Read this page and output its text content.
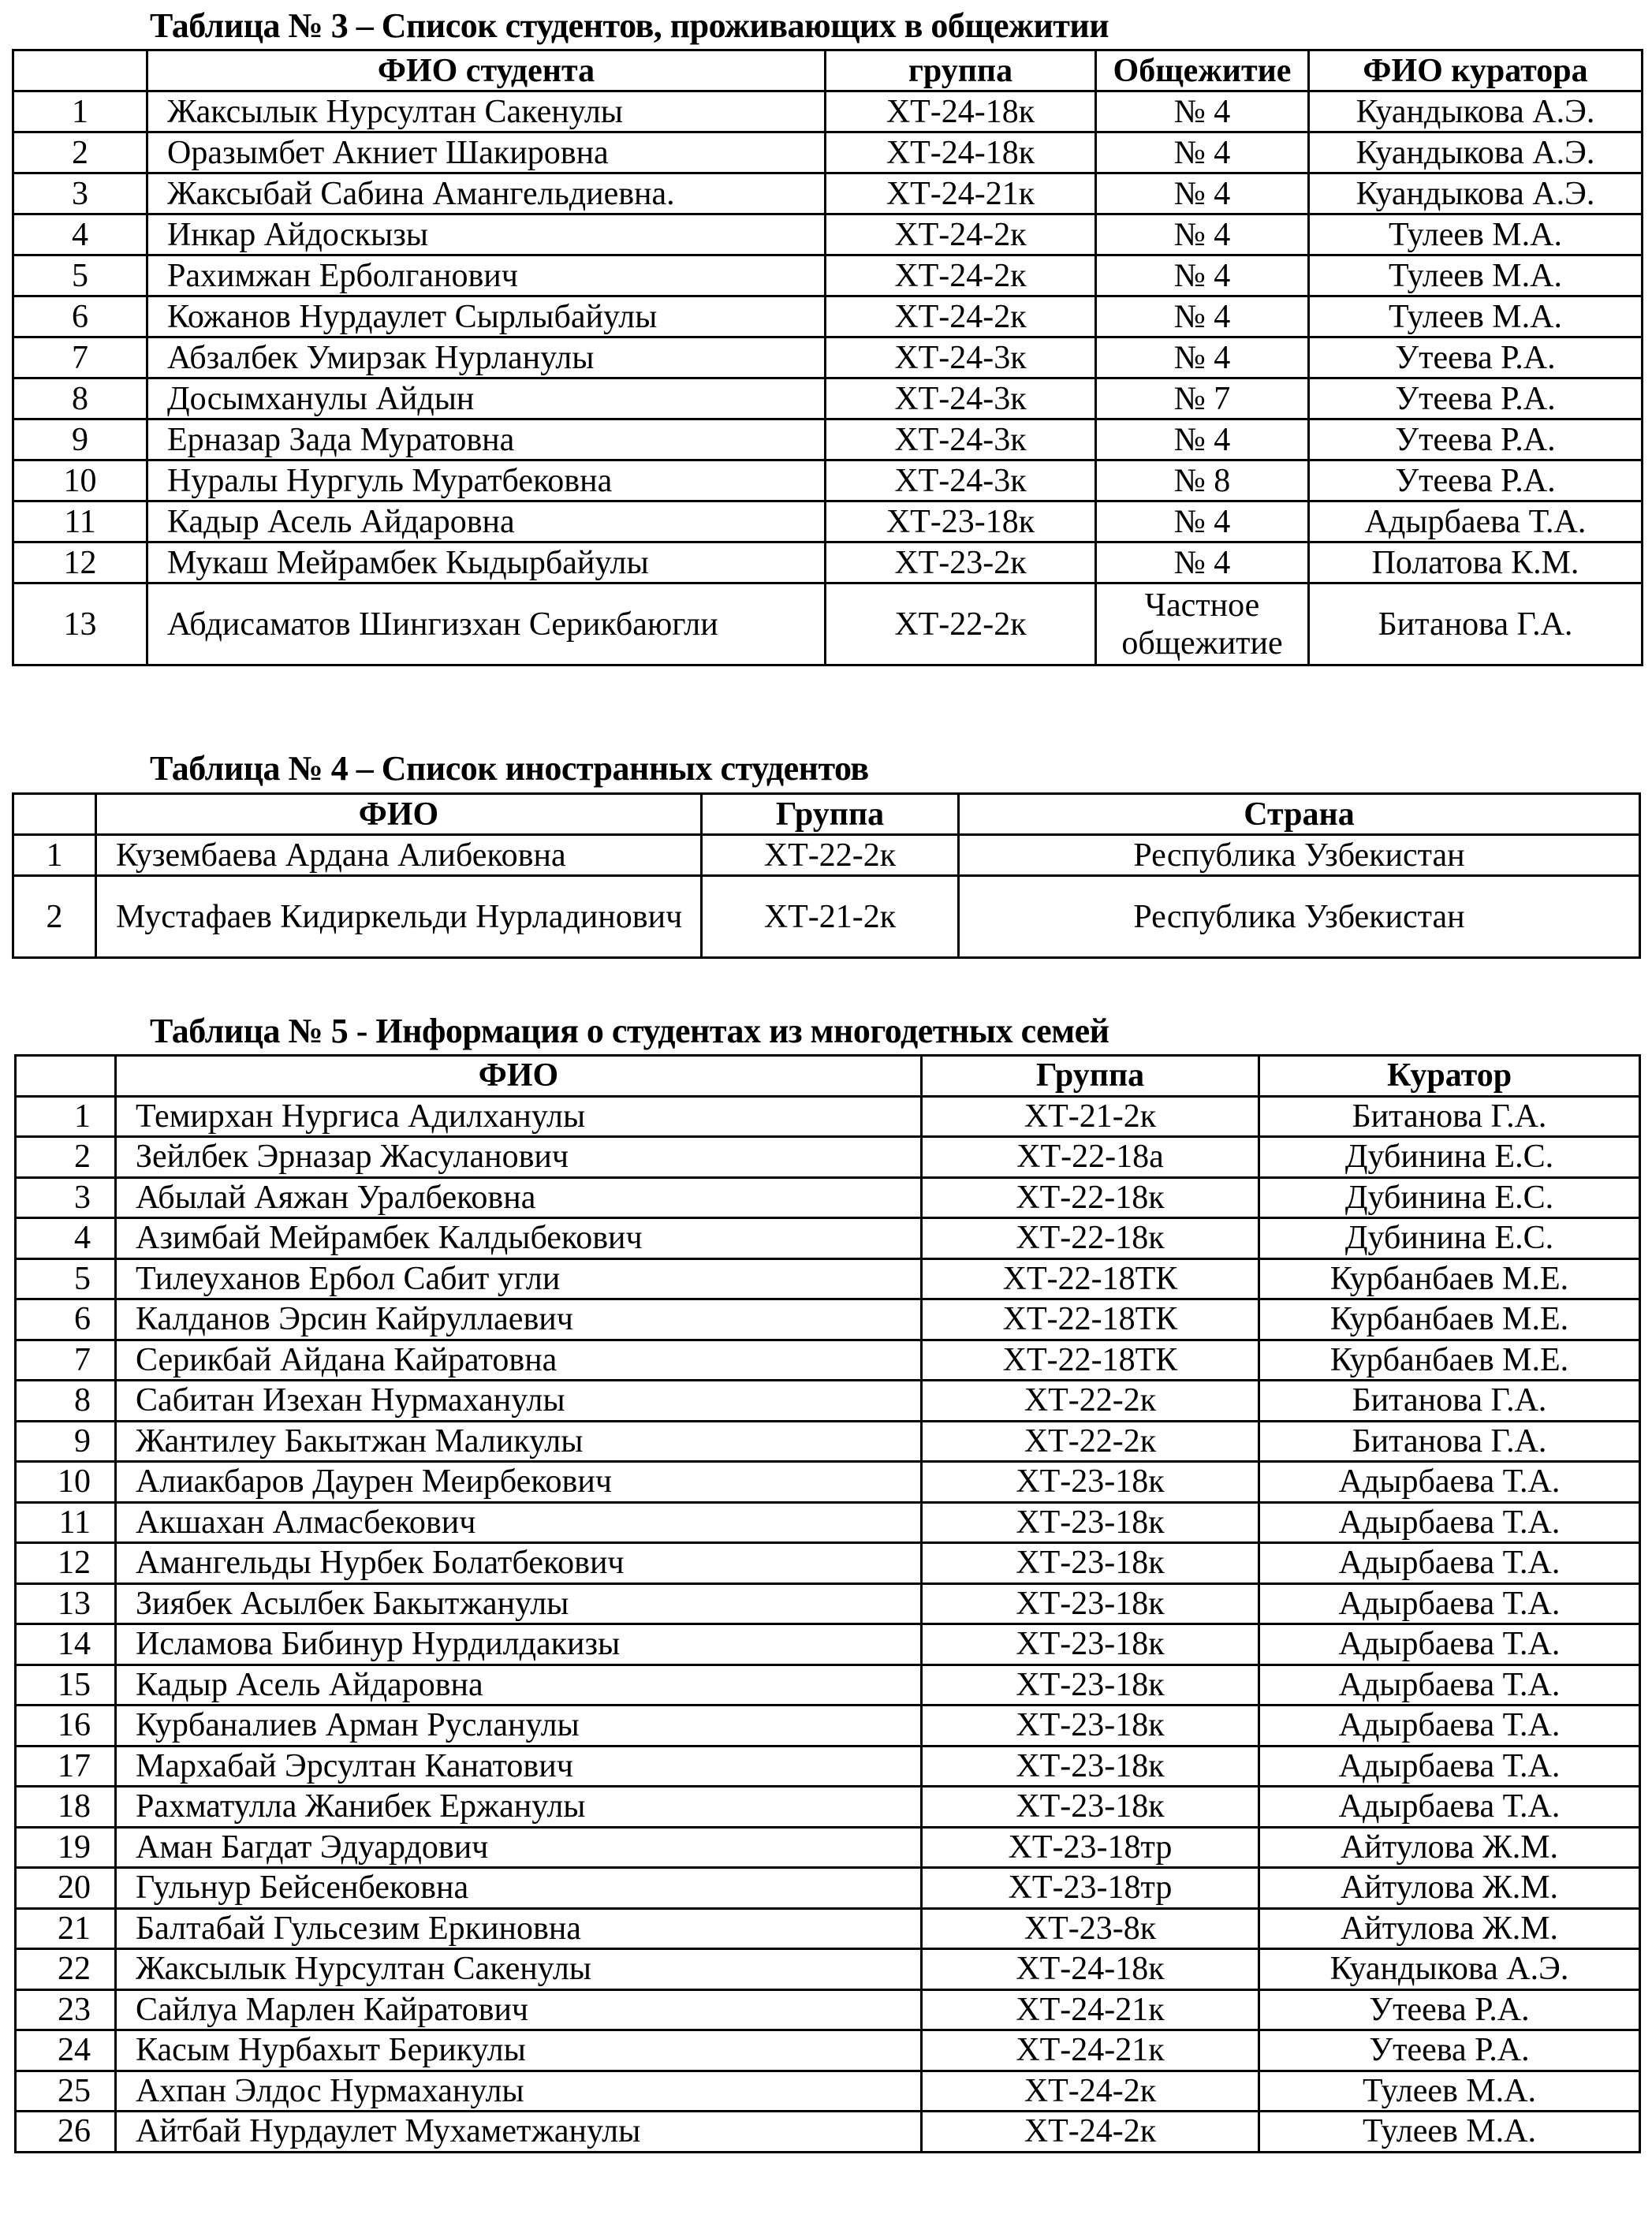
Таблица № 3 – Список студентов, проживающих в общежитии
	ФИО студента	группа	Общежитие	ФИО куратора
1	Жаксылык Нурсултан Сакенулы	ХТ-24-18к	№ 4	Куандыкова А.Э.
2	Оразымбет Акниет Шакировна	ХТ-24-18к	№ 4	Куандыкова А.Э.
3	Жаксыбай Сабина Амангельдиевна.	ХТ-24-21к	№ 4	Куандыкова А.Э.
4	Инкар Айдоскызы	ХТ-24-2к	№ 4	Тулеев М.А.
5	Рахимжан Ерболганович	ХТ-24-2к	№ 4	Тулеев М.А.
6	Кожанов Нурдаулет Сырлыбайулы	ХТ-24-2к	№ 4	Тулеев М.А.
7	Абзалбек Умирзак Нурланулы	ХТ-24-3к	№ 4	Утеева Р.А.
8	Досымханулы Айдын	ХТ-24-3к	№ 7	Утеева Р.А.
9	Ерназар Зада Муратовна	ХТ-24-3к	№ 4	Утеева Р.А.
10	Нуралы Нургуль Муратбековна	ХТ-24-3к	№ 8	Утеева Р.А.
11	Кадыр Асель Айдаровна	ХТ-23-18к	№ 4	Адырбаева Т.А.
12	Мукаш Мейрамбек Кыдырбайулы	ХТ-23-2к	№ 4	Полатова К.М.
13	Абдисаматов Шингизхан Серикбаюгли	ХТ-22-2к	Частное общежитие	Битанова Г.А.
Таблица № 4 – Список иностранных студентов
	ФИО	Группа	Страна
1	Кузембаева Ардана Алибековна	ХТ-22-2к	Республика Узбекистан
2	Мустафаев Кидиркельди Нурладинович	ХТ-21-2к	Республика Узбекистан
Таблица № 5 - Информация о студентах из многодетных семей
	ФИО	Группа	Куратор
1	Темирхан Нургиса Адилханулы	ХТ-21-2к	Битанова Г.А.
2	Зейлбек Эрназар Жасуланович	ХТ-22-18а	Дубинина Е.С.
3	Абылай Аяжан Уралбековна	ХТ-22-18к	Дубинина Е.С.
4	Азимбай Мейрамбек Калдыбекович	ХТ-22-18к	Дубинина Е.С.
5	Тилеуханов Ербол Сабит угли	ХТ-22-18ТК	Курбанбаев М.Е.
6	Калданов Эрсин Кайруллаевич	ХТ-22-18ТК	Курбанбаев М.Е.
7	Серикбай Айдана Кайратовна	ХТ-22-18ТК	Курбанбаев М.Е.
8	Сабитан Изехан Нурмаханулы	ХТ-22-2к	Битанова Г.А.
9	Жантилеу Бакытжан Маликулы	ХТ-22-2к	Битанова Г.А.
10	Алиакбаров Даурен Меирбекович	ХТ-23-18к	Адырбаева Т.А.
11	Акшахан Алмасбекович	ХТ-23-18к	Адырбаева Т.А.
12	Амангельды Нурбек Болатбекович	ХТ-23-18к	Адырбаева Т.А.
13	Зиябек Асылбек Бакытжанулы	ХТ-23-18к	Адырбаева Т.А.
14	Исламова Бибинур Нурдилдакизы	ХТ-23-18к	Адырбаева Т.А.
15	Кадыр Асель Айдаровна	ХТ-23-18к	Адырбаева Т.А.
16	Курбаналиев Арман Русланулы	ХТ-23-18к	Адырбаева Т.А.
17	Мархабай Эрсултан Канатович	ХТ-23-18к	Адырбаева Т.А.
18	Рахматулла Жанибек Ержанулы	ХТ-23-18к	Адырбаева Т.А.
19	Аман Багдат Эдуардович	ХТ-23-18тр	Айтулова Ж.М.
20	Гульнур Бейсенбековна	ХТ-23-18тр	Айтулова Ж.М.
21	Балтабай Гульсезим Еркиновна	ХТ-23-8к	Айтулова Ж.М.
22	Жаксылык Нурсултан Сакенулы	ХТ-24-18к	Куандыкова А.Э.
23	Сайлуа Марлен Кайратович	ХТ-24-21к	Утеева Р.А.
24	Касым Нурбахыт Берикулы	ХТ-24-21к	Утеева Р.А.
25	Ахпан Элдос Нурмаханулы	ХТ-24-2к	Тулеев М.А.
26	Айтбай Нурдаулет Мухаметжанулы	ХТ-24-2к	Тулеев М.А.
